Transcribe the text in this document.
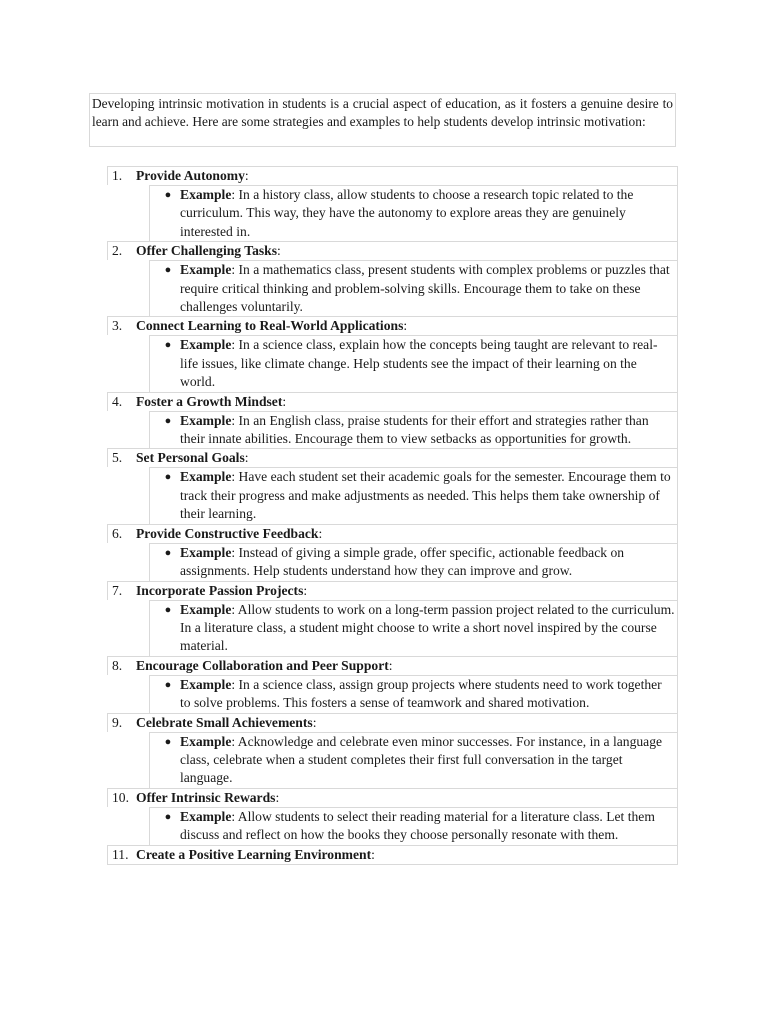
Developing intrinsic motivation in students is a crucial aspect of education, as it fosters a genuine desire to learn and achieve. Here are some strategies and examples to help students develop intrinsic motivation:
1.	Provide Autonomy :
● Example: In a history class, allow students to choose a research topic related to the curriculum. This way, they have the autonomy to explore areas they are genuinely interested in.
2.	Offer Challenging Tasks :
● Example: In a mathematics class, present students with complex problems or puzzles that require critical thinking and problem-solving skills. Encourage them to take on these challenges voluntarily.
3.	Connect Learning to Real-World Applications :
● Example: In a science class, explain how the concepts being taught are relevant to real-life issues, like climate change. Help students see the impact of their learning on the world.
4.	Foster a Growth Mindset :
● Example: In an English class, praise students for their effort and strategies rather than their innate abilities. Encourage them to view setbacks as opportunities for growth.
5.	Set Personal Goals :
● Example: Have each student set their academic goals for the semester. Encourage them to track their progress and make adjustments as needed. This helps them take ownership of their learning.
6.	Provide Constructive Feedback :
● Example: Instead of giving a simple grade, offer specific, actionable feedback on assignments. Help students understand how they can improve and grow.
7.	Incorporate Passion Projects :
● Example: Allow students to work on a long-term passion project related to the curriculum. In a literature class, a student might choose to write a short novel inspired by the course material.
8.	Encourage Collaboration and Peer Support :
● Example: In a science class, assign group projects where students need to work together to solve problems. This fosters a sense of teamwork and shared motivation.
9.	Celebrate Small Achievements :
● Example: Acknowledge and celebrate even minor successes. For instance, in a language class, celebrate when a student completes their first full conversation in the target language.
10. Offer Intrinsic Rewards :
● Example: Allow students to select their reading material for a literature class. Let them discuss and reflect on how the books they choose personally resonate with them.
11. Create a Positive Learning Environment :
